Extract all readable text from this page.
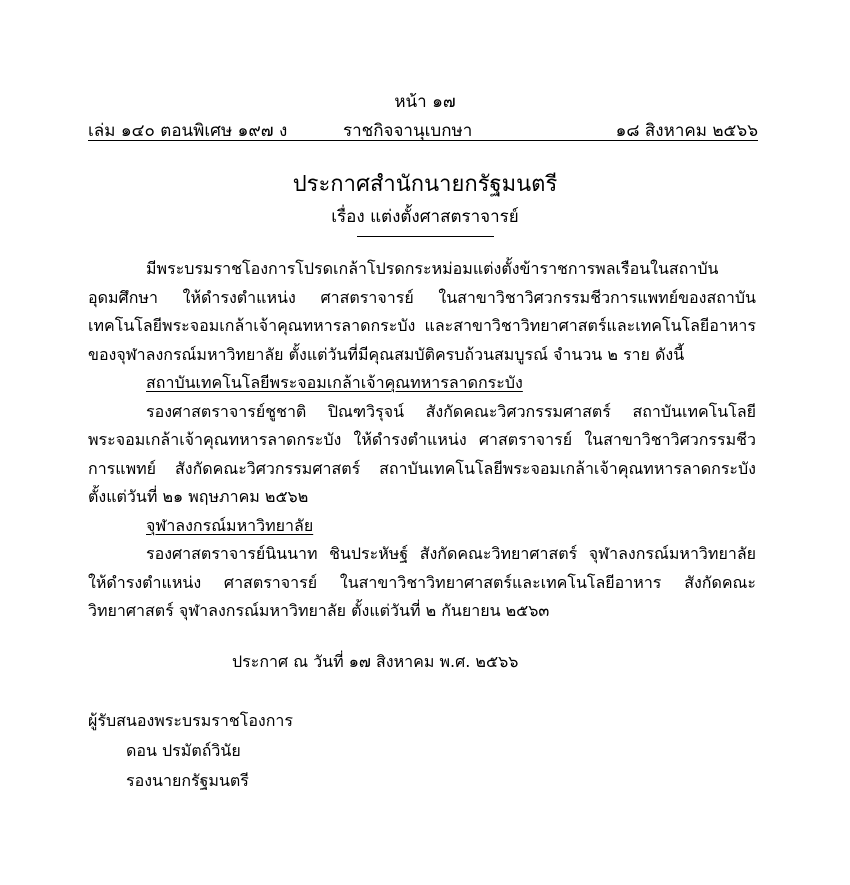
หน้า ๑๗
เล่ม ๑๔๐ ตอนพิเศษ ๑๙๗ ง	ราชกิจจานุเบกษา	๑๘ สิงหาคม ๒๕๖๖
ประกาศสำนักนายกรัฐมนตรี
เรื่อง แต่งตั้งศาสตราจารย์

มีพระบรมราชโองการโปรดเกล้าโปรดกระหม่อมแต่งตั้งข้าราชการพลเรือนในสถาบันอุดมศึกษา ให้ดำรงตำแหน่ง ศาสตราจารย์ ในสาขาวิชาวิศวกรรมชีวการแพทย์ของสถาบันเทคโนโลยีพระจอมเกล้าเจ้าคุณทหารลาดกระบัง และสาขาวิชาวิทยาศาสตร์และเทคโนโลยีอาหารของจุฬาลงกรณ์มหาวิทยาลัย ตั้งแต่วันที่มีคุณสมบัติครบถ้วนสมบูรณ์ จำนวน ๒ ราย ดังนี้

สถาบันเทคโนโลยีพระจอมเกล้าเจ้าคุณทหารลาดกระบัง

รองศาสตราจารย์ชูชาติ ปิณฑวิรุจน์ สังกัดคณะวิศวกรรมศาสตร์ สถาบันเทคโนโลยีพระจอมเกล้าเจ้าคุณทหารลาดกระบัง ให้ดำรงตำแหน่ง ศาสตราจารย์ ในสาขาวิชาวิศวกรรมชีวการแพทย์ สังกัดคณะวิศวกรรมศาสตร์ สถาบันเทคโนโลยีพระจอมเกล้าเจ้าคุณทหารลาดกระบัง ตั้งแต่วันที่ ๒๑ พฤษภาคม ๒๕๖๒

จุฬาลงกรณ์มหาวิทยาลัย

รองศาสตราจารย์นินนาท ชินประหัษฐ์ สังกัดคณะวิทยาศาสตร์ จุฬาลงกรณ์มหาวิทยาลัย ให้ดำรงตำแหน่ง ศาสตราจารย์ ในสาขาวิชาวิทยาศาสตร์และเทคโนโลยีอาหาร สังกัดคณะวิทยาศาสตร์ จุฬาลงกรณ์มหาวิทยาลัย ตั้งแต่วันที่ ๒ กันยายน ๒๕๖๓

ประกาศ ณ วันที่ ๑๗ สิงหาคม พ.ศ. ๒๕๖๖
ผู้รับสนองพระบรมราชโองการ
ดอน ปรมัตถ์วินัย
รองนายกรัฐมนตรี
